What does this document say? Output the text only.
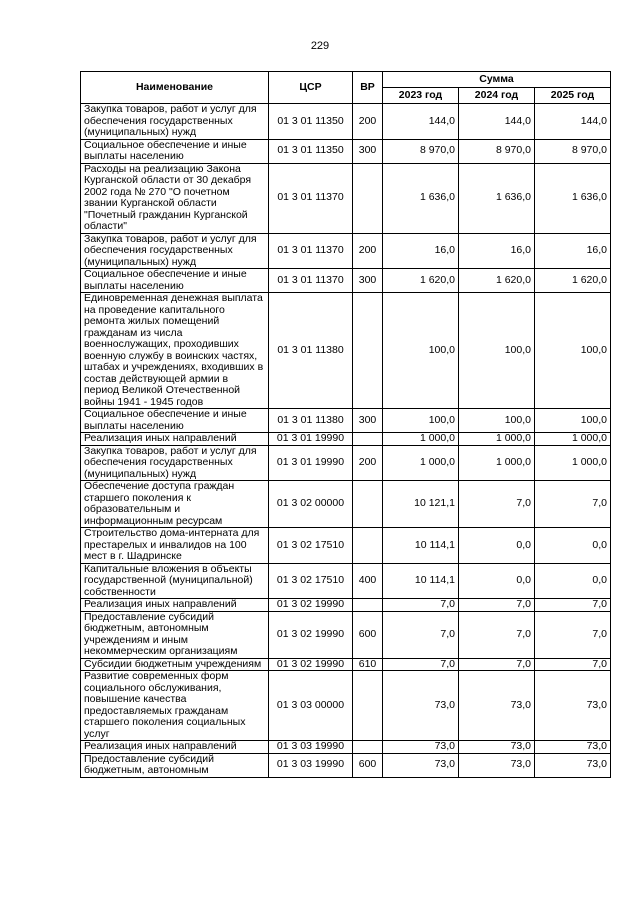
229
Наименование	ЦСР	ВР	Сумма		
			2023 год	2024 год	2025 год
Закупка товаров, работ и услуг для обеспечения государственных (муниципальных) нужд	01 3 01 11350	200	144,0	144,0	144,0
Социальное обеспечение и иные выплаты населению	01 3 01 11350	300	8 970,0	8 970,0	8 970,0
Расходы на реализацию Закона Курганской области от 30 декабря 2002 года № 270 "О почетном звании Курганской области "Почетный гражданин Курганской области"	01 3 01 11370		1 636,0	1 636,0	1 636,0
Закупка товаров, работ и услуг для обеспечения государственных (муниципальных) нужд	01 3 01 11370	200	16,0	16,0	16,0
Социальное обеспечение и иные выплаты населению	01 3 01 11370	300	1 620,0	1 620,0	1 620,0
Единовременная денежная выплата на проведение капитального ремонта жилых помещений гражданам из числа военнослужащих, проходивших военную службу в воинских частях, штабах и учреждениях, входивших в состав действующей армии в период Великой Отечественной войны 1941 - 1945 годов	01 3 01 11380		100,0	100,0	100,0
Социальное обеспечение и иные выплаты населению	01 3 01 11380	300	100,0	100,0	100,0
Реализация иных направлений	01 3 01 19990		1 000,0	1 000,0	1 000,0
Закупка товаров, работ и услуг для обеспечения государственных (муниципальных) нужд	01 3 01 19990	200	1 000,0	1 000,0	1 000,0
Обеспечение доступа граждан старшего поколения к образовательным и информационным ресурсам	01 3 02 00000		10 121,1	7,0	7,0
Строительство дома-интерната для престарелых и инвалидов на 100 мест в г. Шадринске	01 3 02 17510		10 114,1	0,0	0,0
Капитальные вложения в объекты государственной (муниципальной) собственности	01 3 02 17510	400	10 114,1	0,0	0,0
Реализация иных направлений	01 3 02 19990		7,0	7,0	7,0
Предоставление субсидий бюджетным, автономным учреждениям и иным некоммерческим организациям	01 3 02 19990	600	7,0	7,0	7,0
Субсидии бюджетным учреждениям	01 3 02 19990	610	7,0	7,0	7,0
Развитие современных форм социального обслуживания, повышение качества предоставляемых гражданам старшего поколения социальных услуг	01 3 03 00000		73,0	73,0	73,0
Реализация иных направлений	01 3 03 19990		73,0	73,0	73,0
Предоставление субсидий бюджетным, автономным	01 3 03 19990	600	73,0	73,0	73,0
